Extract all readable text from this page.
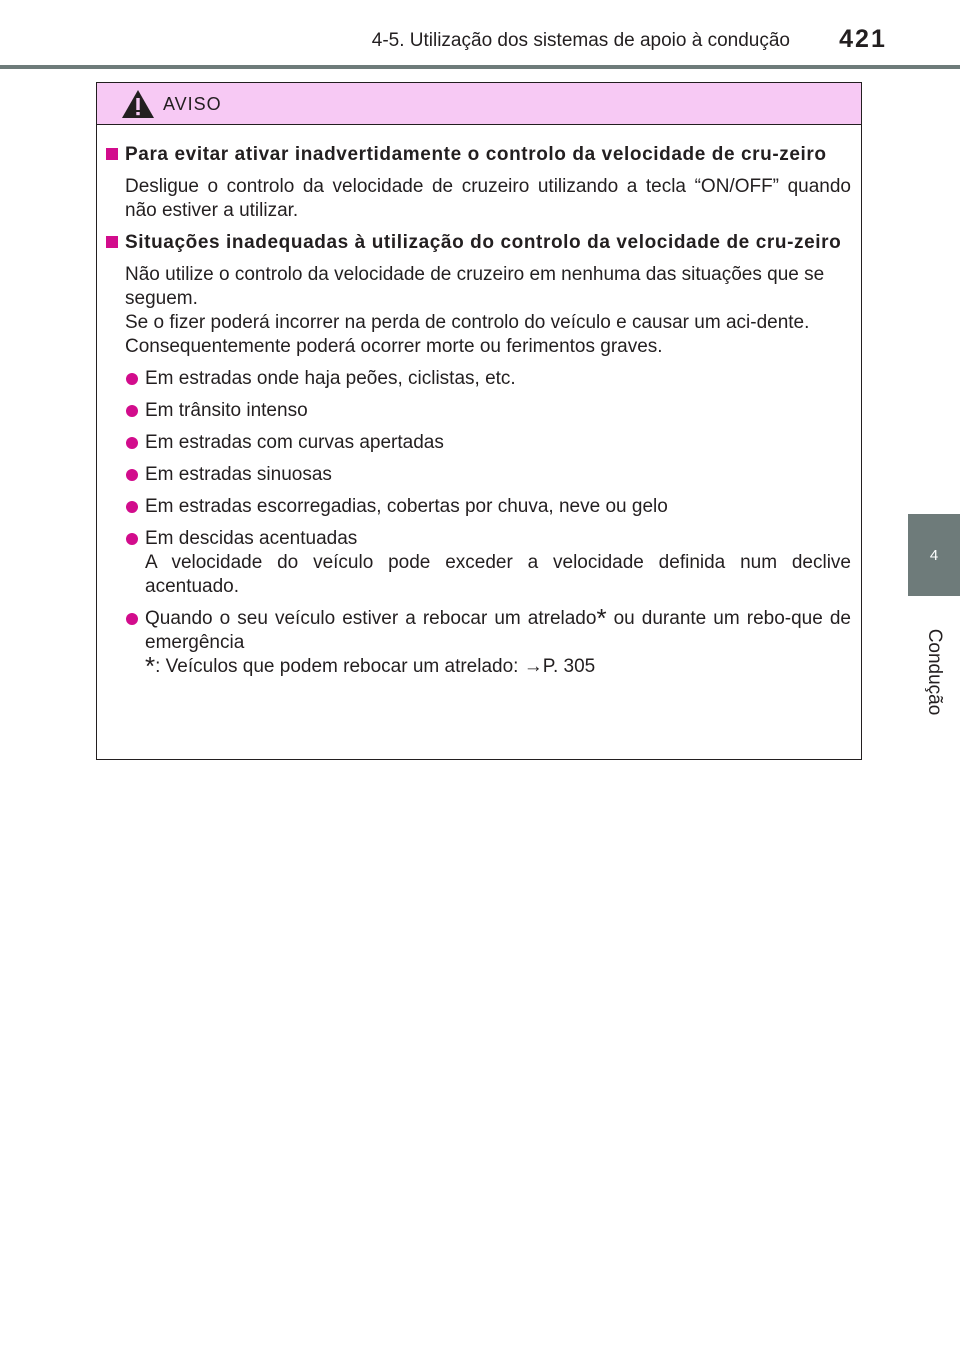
4-5. Utilização dos sistemas de apoio à condução 421
4
Condução
AVISO
Para evitar ativar inadvertidamente o controlo da velocidade de cru-zeiro
Desligue o controlo da velocidade de cruzeiro utilizando a tecla “ON/OFF” quando não estiver a utilizar.
Situações inadequadas à utilização do controlo da velocidade de cru-zeiro
Não utilize o controlo da velocidade de cruzeiro em nenhuma das situações que se seguem.
Se o fizer poderá incorrer na perda de controlo do veículo e causar um aci-dente. Consequentemente poderá ocorrer morte ou ferimentos graves.
Em estradas onde haja peões, ciclistas, etc.
Em trânsito intenso
Em estradas com curvas apertadas
Em estradas sinuosas
Em estradas escorregadias, cobertas por chuva, neve ou gelo
Em descidas acentuadas
A velocidade do veículo pode exceder a velocidade definida num declive acentuado.
Quando o seu veículo estiver a rebocar um atrelado* ou durante um rebo-que de emergência
*: Veículos que podem rebocar um atrelado: →P. 305
